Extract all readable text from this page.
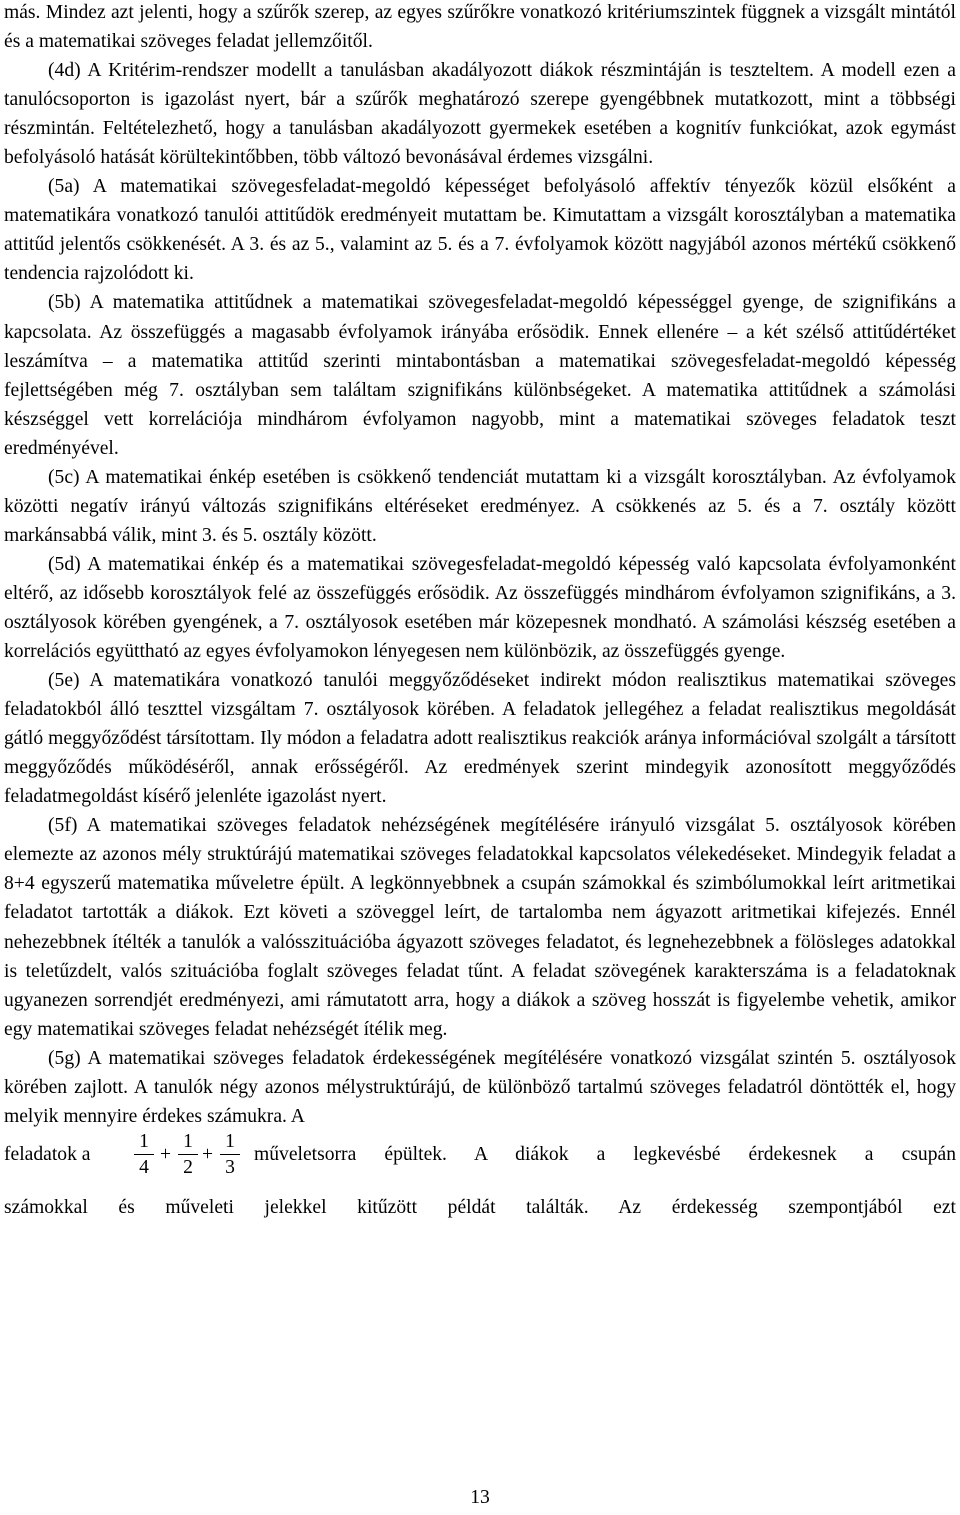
más. Mindez azt jelenti, hogy a szűrők szerep, az egyes szűrőkre vonatkozó kritériumszintek függnek a vizsgált mintától és a matematikai szöveges feladat jellemzőitől.

(4d) A Kritérim-rendszer modellt a tanulásban akadályozott diákok részmintáján is teszteltem. A modell ezen a tanulócsoporton is igazolást nyert, bár a szűrők meghatározó szerepe gyengébbnek mutatkozott, mint a többségi részmintán. Feltételezhető, hogy a tanulásban akadályozott gyermekek esetében a kognitív funkciókat, azok egymást befolyásoló hatását körültekintőbben, több változó bevonásával érdemes vizsgálni.

(5a) A matematikai szövegesfeladat-megoldó képességet befolyásoló affektív tényezők közül elsőként a matematikára vonatkozó tanulói attitűdök eredményeit mutattam be. Kimutattam a vizsgált korosztályban a matematika attitűd jelentős csökkenését. A 3. és az 5., valamint az 5. és a 7. évfolyamok között nagyjából azonos mértékű csökkenő tendencia rajzolódott ki.

(5b) A matematika attitűdnek a matematikai szövegesfeladat-megoldó képességgel gyenge, de szignifikáns a kapcsolata. Az összefüggés a magasabb évfolyamok irányába erősödik. Ennek ellenére – a két szélső attitűdértéket leszámítva – a matematika attitűd szerinti mintabontásban a matematikai szövegesfeladat-megoldó képesség fejlettségében még 7. osztályban sem találtam szignifikáns különbségeket. A matematika attitűdnek a számolási készséggel vett korrelációja mindhárom évfolyamon nagyobb, mint a matematikai szöveges feladatok teszt eredményével.

(5c) A matematikai énkép esetében is csökkenő tendenciát mutattam ki a vizsgált korosztályban. Az évfolyamok közötti negatív irányú változás szignifikáns eltéréseket eredményez. A csökkenés az 5. és a 7. osztály között markánsabbá válik, mint 3. és 5. osztály között.

(5d) A matematikai énkép és a matematikai szövegesfeladat-megoldó képesség való kapcsolata évfolyamonként eltérő, az idősebb korosztályok felé az összefüggés erősödik. Az összefüggés mindhárom évfolyamon szignifikáns, a 3. osztályosok körében gyengének, a 7. osztályosok esetében már közepesnek mondható. A számolási készség esetében a korrelációs együttható az egyes évfolyamokon lényegesen nem különbözik, az összefüggés gyenge.

(5e) A matematikára vonatkozó tanulói meggyőződéseket indirekt módon realisztikus matematikai szöveges feladatokból álló teszttel vizsgáltam 7. osztályosok körében. A feladatok jellegéhez a feladat realisztikus megoldását gátló meggyőződést társítottam. Ily módon a feladatra adott realisztikus reakciók aránya információval szolgált a társított meggyőződés működéséről, annak erősségéről. Az eredmények szerint mindegyik azonosított meggyőződés feladatmegoldást kísérő jelenléte igazolást nyert.

(5f) A matematikai szöveges feladatok nehézségének megítélésére irányuló vizsgálat 5. osztályosok körében elemezte az azonos mély struktúrájú matematikai szöveges feladatokkal kapcsolatos vélekedéseket. Mindegyik feladat a 8+4 egyszerű matematika műveletre épült. A legkönnyebbnek a csupán számokkal és szimbólumokkal leírt aritmetikai feladatot tartották a diákok. Ezt követi a szöveggel leírt, de tartalomba nem ágyazott aritmetikai kifejezés. Ennél nehezebbnek ítélték a tanulók a valósszituációba ágyazott szöveges feladatot, és legnehezebbnek a fölösleges adatokkal is teletűzdelt, valós szituációba foglalt szöveges feladat tűnt. A feladat szövegének karakterszáma is a feladatoknak ugyanezen sorrendjét eredményezi, ami rámutatott arra, hogy a diákok a szöveg hosszát is figyelembe vehetik, amikor egy matematikai szöveges feladat nehézségét ítélik meg.

(5g) A matematikai szöveges feladatok érdekességének megítélésére vonatkozó vizsgálat szintén 5. osztályosok körében zajlott. A tanulók négy azonos mélystruktúrájú, de különböző tartalmú szöveges feladatról döntötték el, hogy melyik mennyire érdekes számukra. A

feladatok a
1
4
+
1
2
+
1
3
műveletsorra épültek. A diákok a legkevésbé érdekesnek a csupán

számokkal és műveleti jelekkel kitűzött példát találták. Az érdekesség szempontjából ezt

13
